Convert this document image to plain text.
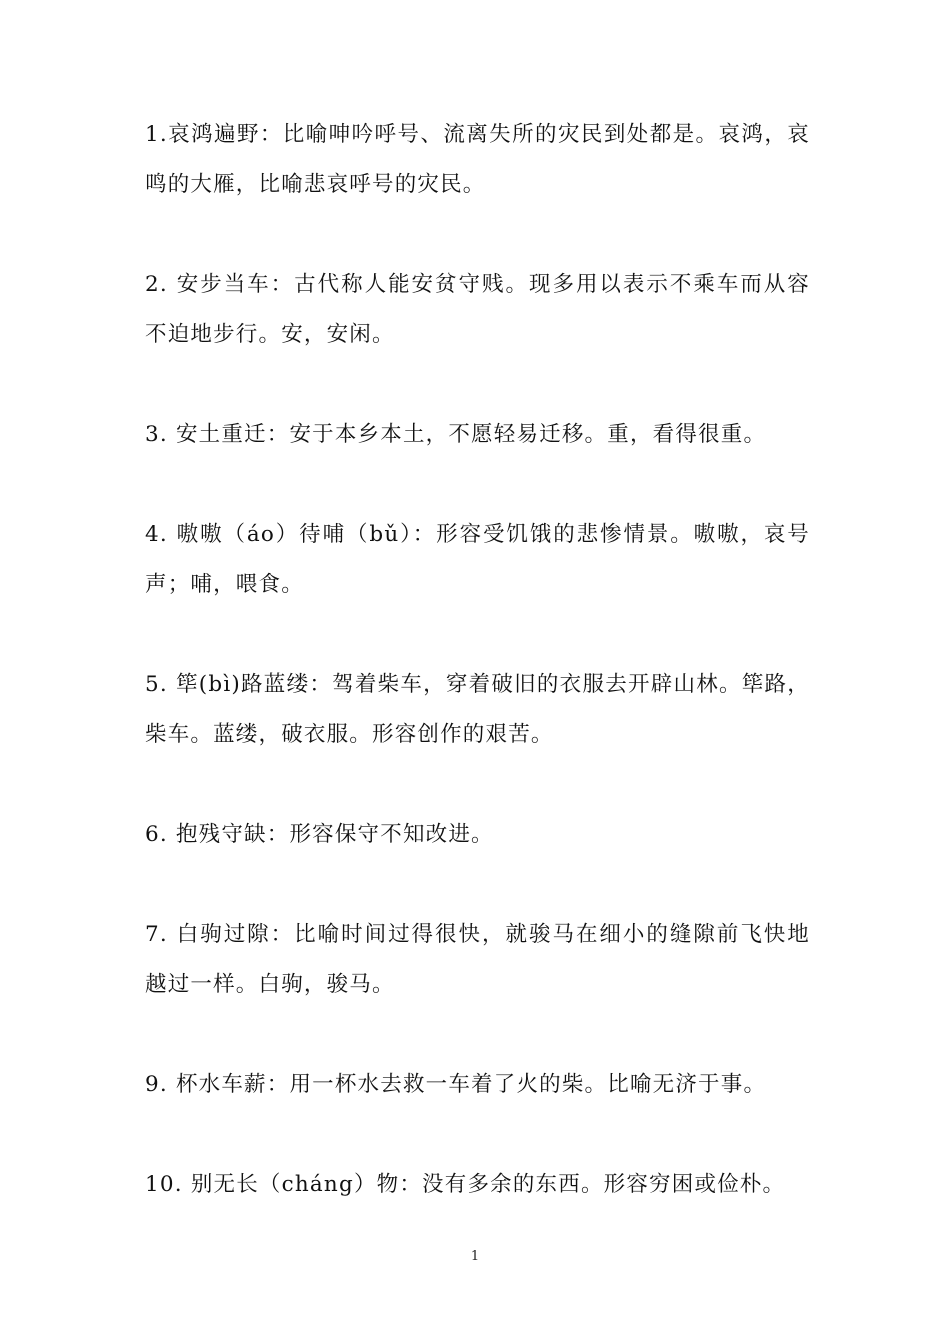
1.哀鸿遍野：比喻呻吟呼号、流离失所的灾民到处都是。哀鸿，哀鸣的大雁，比喻悲哀呼号的灾民。

2. 安步当车：古代称人能安贫守贱。现多用以表示不乘车而从容不迫地步行。安，安闲。

3. 安土重迁：安于本乡本土，不愿轻易迁移。重，看得很重。

4. 嗷嗷（áo）待哺（bǔ）：形容受饥饿的悲惨情景。嗷嗷，哀号声；哺，喂食。

5. 筚(bì)路蓝缕：驾着柴车，穿着破旧的衣服去开辟山林。筚路，柴车。蓝缕，破衣服。形容创作的艰苦。

6. 抱残守缺：形容保守不知改进。

7. 白驹过隙：比喻时间过得很快，就骏马在细小的缝隙前飞快地越过一样。白驹，骏马。

9. 杯水车薪：用一杯水去救一车着了火的柴。比喻无济于事。

10. 别无长（cháng）物：没有多余的东西。形容穷困或俭朴。

1
